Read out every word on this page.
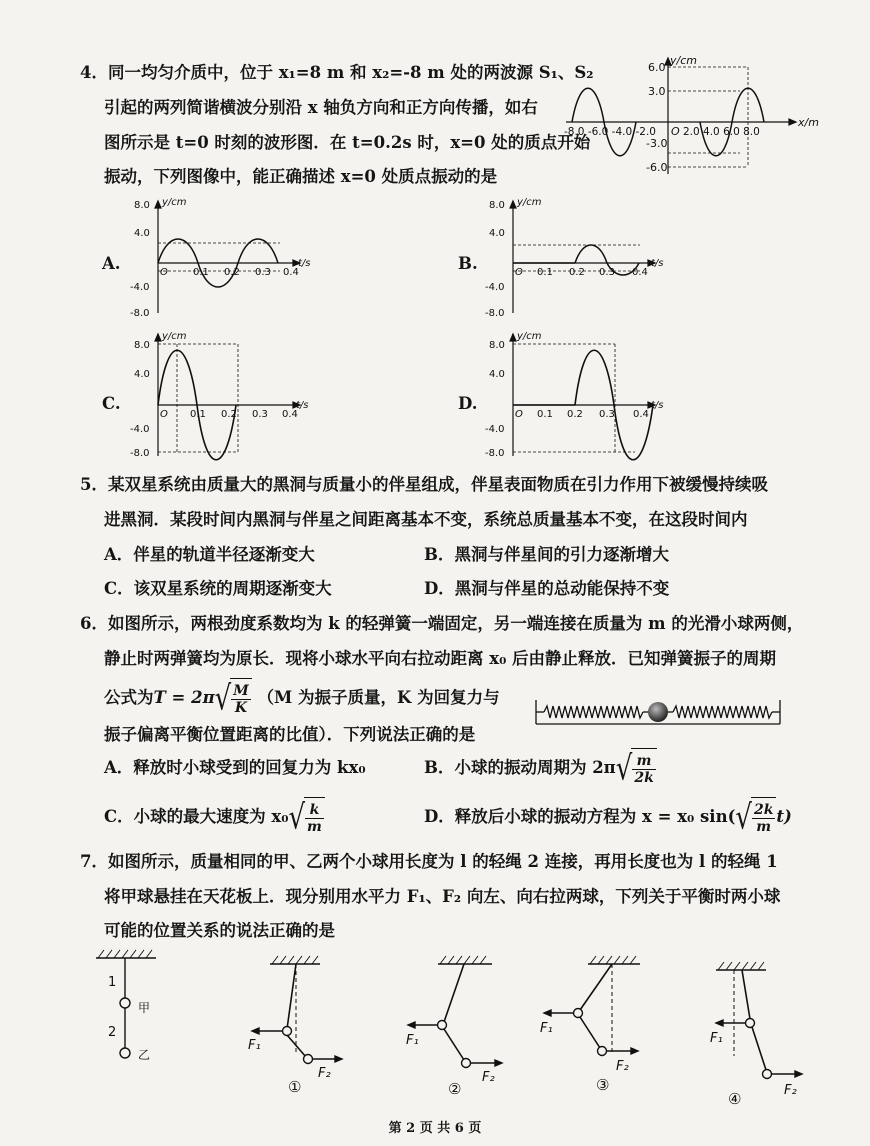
4．同一均匀介质中，位于 x₁=8 m 和 x₂=-8 m 处的两波源 S₁、S₂
引起的两列简谐横波分别沿 x 轴负方向和正方向传播，如右
图所示是 t=0 时刻的波形图．在 t=0.2s 时，x=0 处的质点开始
振动，下列图像中，能正确描述 x=0 处质点振动的是
y/cm
x/m
6.0
3.0
-3.0
-6.0
-8.0 -6.0 -4.0 -2.0 O 2.0 4.0 6.0 8.0
A.
y/cm
8.0
4.0
-4.0
-8.0
O	0.1 0.2 0.3 0.4
t/s	B.
y/cm
8.0
4.0
-4.0
-8.0
O 0.1 0.2 0.3 0.4
t/s
C.
y/cm
8.0
4.0
-4.0
-8.0
O 0.1 0.2 0.3 0.4
t/s	D.
y/cm
8.0
4.0
-4.0
-8.0
O 0.1 0.2 0.3 0.4
t/s
5．某双星系统由质量大的黑洞与质量小的伴星组成，伴星表面物质在引力作用下被缓慢持续吸
进黑洞．某段时间内黑洞与伴星之间距离基本不变，系统总质量基本不变，在这段时间内
A．伴星的轨道半径逐渐变大	B．黑洞与伴星间的引力逐渐增大
C．该双星系统的周期逐渐变大	D．黑洞与伴星的总动能保持不变
6．如图所示，两根劲度系数均为 k 的轻弹簧一端固定，另一端连接在质量为 m 的光滑小球两侧，
静止时两弹簧均为原长．现将小球水平向右拉动距离 x₀ 后由静止释放．已知弹簧振子的周期
公式为$T = 2\pi√ \frac{M}{K} (M$ 为振子质量，K 为回复力与
振子偏离平衡位置距离的比值）．下列说法正确的是
A．释放时小球受到的回复力为 kx₀	B．小球的振动周期为 $2\pi√ \frac{m}{2k}$
C．小球的最大速度为 $x_0√ \frac{k}{m}$	D．释放后小球的振动方程为 x = x₀ $\sin(√ \frac{2k}{m} t)$
7．如图所示，质量相同的甲、乙两个小球用长度为 l 的轻绳 2 连接，再用长度也为 l 的轻绳 1
将甲球悬挂在天花板上．现分别用水平力 F₁、F₂ 向左、向右拉两球，下列关于平衡时两小球
可能的位置关系的说法正确的是
1
2
甲
乙
F₁
F₂
①
F₁
F₂
②
F₁
F₂
③
F₁
F₂
④
第 2 页 共 6 页
